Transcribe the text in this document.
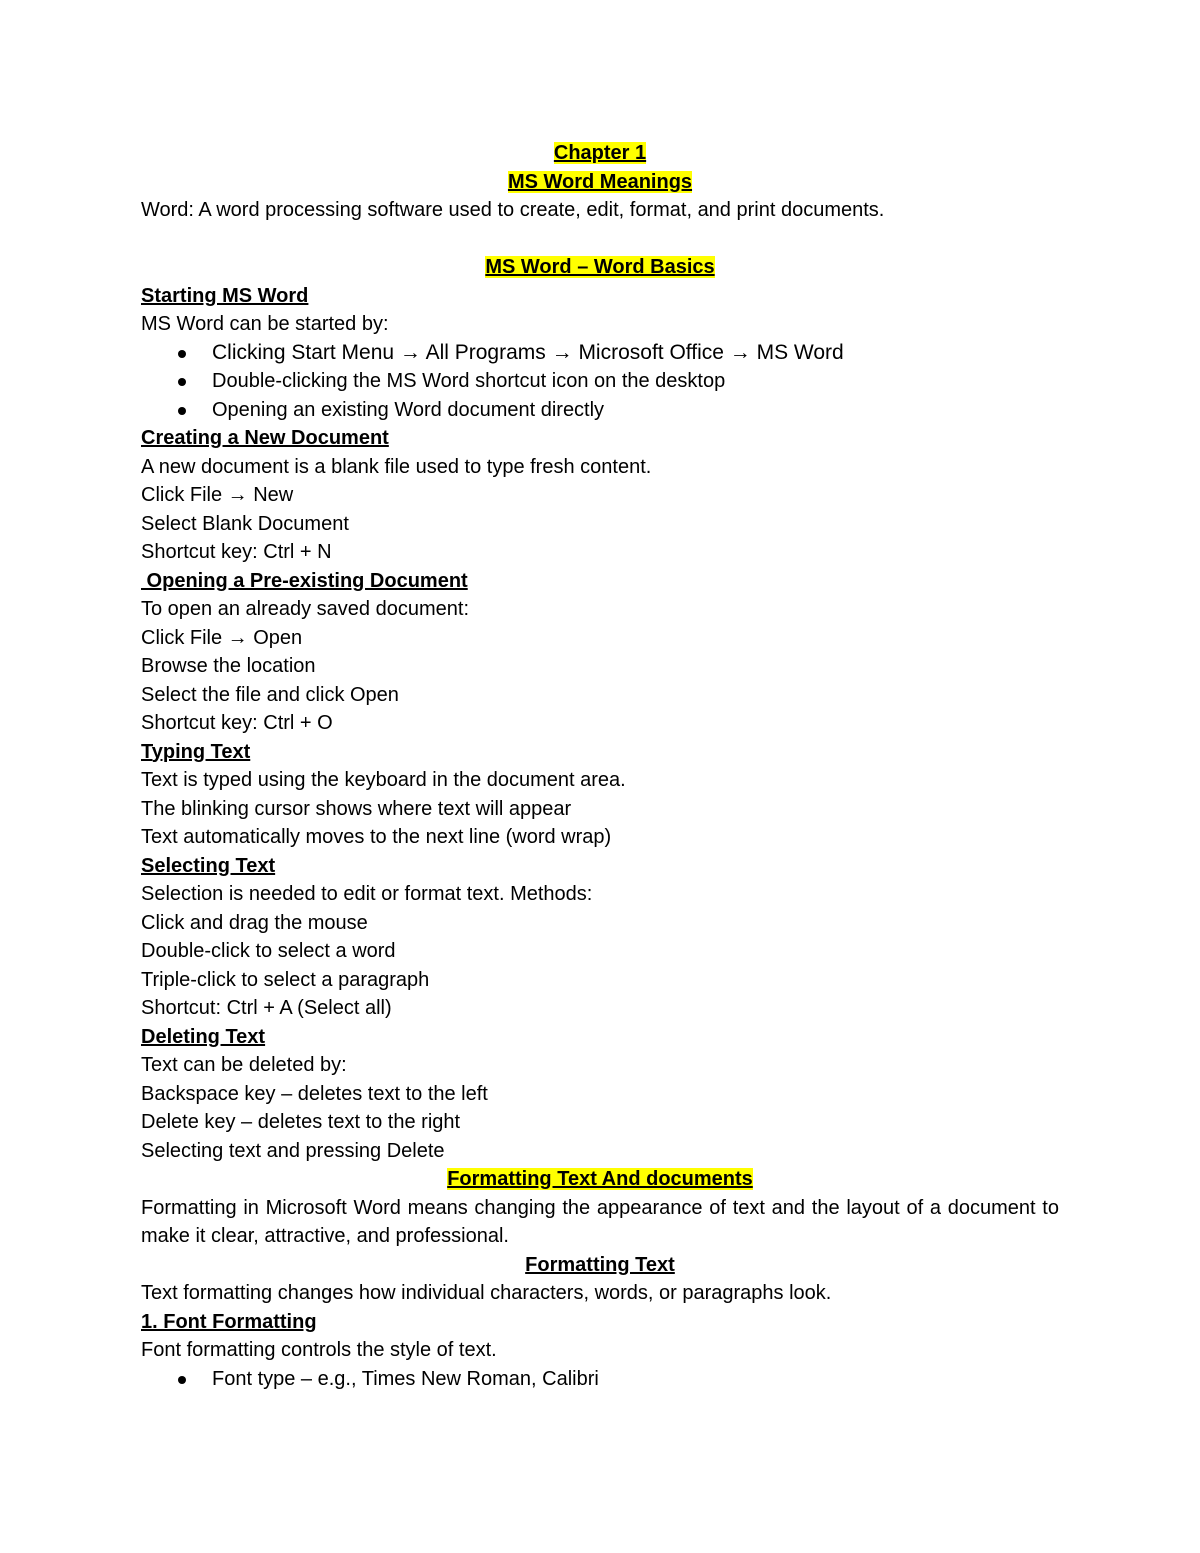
Chapter 1

MS Word Meanings

Word: A word processing software used to create, edit, format, and print documents.

MS Word – Word Basics

Starting MS Word

MS Word can be started by:

Clicking Start Menu → All Programs → Microsoft Office → MS Word

Double-clicking the MS Word shortcut icon on the desktop

Opening an existing Word document directly

Creating a New Document

A new document is a blank file used to type fresh content.

Click File → New

Select Blank Document

Shortcut key: Ctrl + N

Opening a Pre-existing Document

To open an already saved document:

Click File → Open

Browse the location

Select the file and click Open

Shortcut key: Ctrl + O

Typing Text

Text is typed using the keyboard in the document area.

The blinking cursor shows where text will appear

Text automatically moves to the next line (word wrap)

Selecting Text

Selection is needed to edit or format text. Methods:

Click and drag the mouse

Double-click to select a word

Triple-click to select a paragraph

Shortcut: Ctrl + A (Select all)

Deleting Text

Text can be deleted by:

Backspace key – deletes text to the left

Delete key – deletes text to the right

Selecting text and pressing Delete

Formatting Text And documents

Formatting in Microsoft Word means changing the appearance of text and the layout of a document to make it clear, attractive, and professional.

Formatting Text

Text formatting changes how individual characters, words, or paragraphs look.

1. Font Formatting

Font formatting controls the style of text.

Font type – e.g., Times New Roman, Calibri
